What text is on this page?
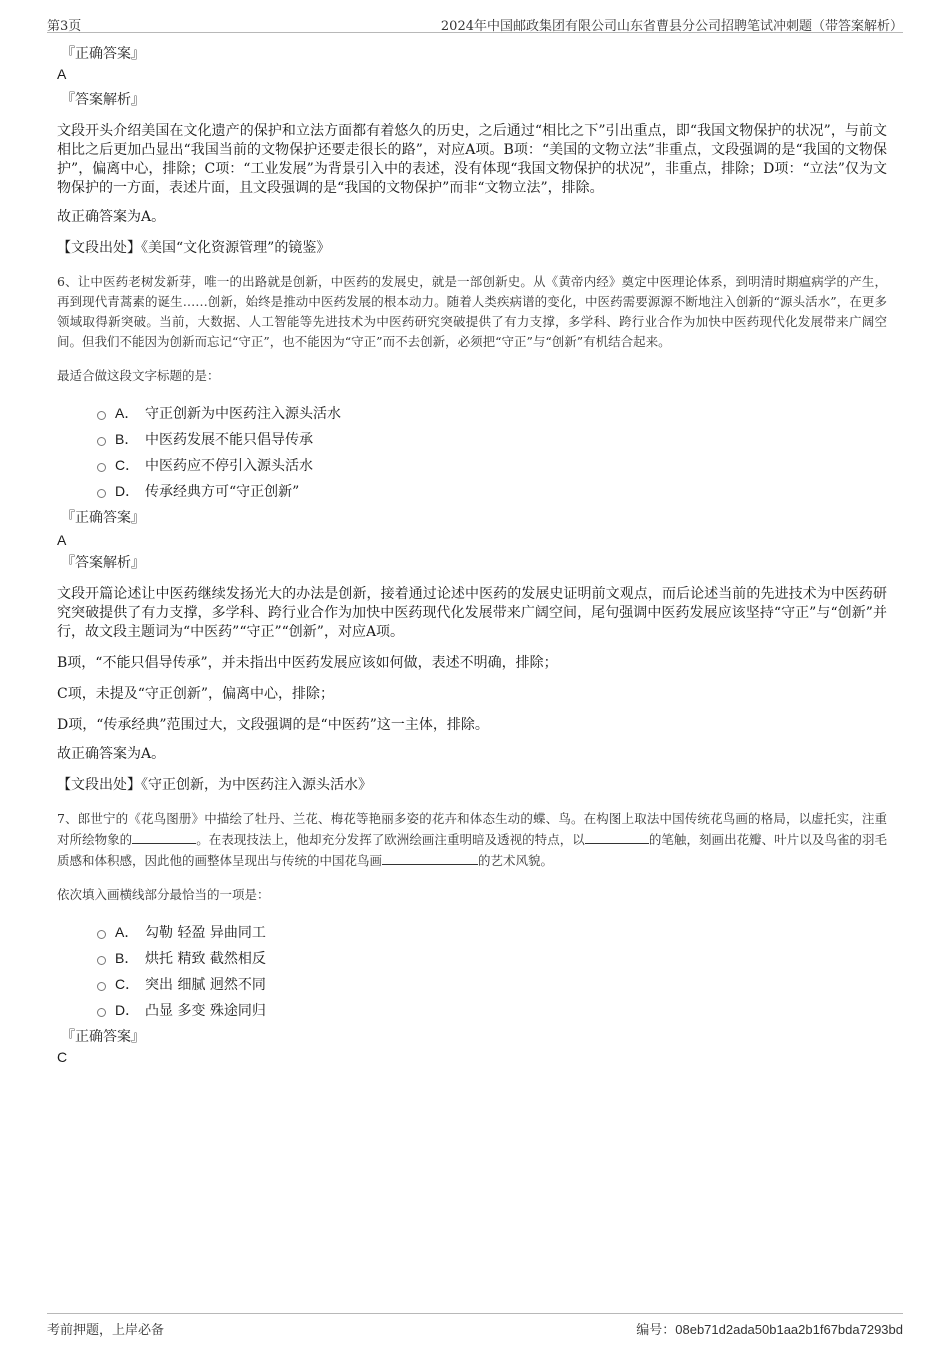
第3页	2024年中国邮政集团有限公司山东省曹县分公司招聘笔试冲刺题（带答案解析）
『正确答案』
A
『答案解析』

文段开头介绍美国在文化遗产的保护和立法方面都有着悠久的历史，之后通过“相比之下”引出重点，即“我国文物保护的状况”，与前文相比之后更加凸显出“我国当前的文物保护还要走很长的路”，对应A项。B项：“美国的文物立法”非重点，文段强调的是“我国的文物保护”，偏离中心，排除；C项：“工业发展”为背景引入中的表述，没有体现“我国文物保护的状况”，非重点，排除；D项：“立法”仅为文物保护的一方面，表述片面，且文段强调的是“我国的文物保护”而非“文物立法”，排除。

故正确答案为A。

【文段出处】《美国“文化资源管理”的镜鉴》

6、让中医药老树发新芽，唯一的出路就是创新，中医药的发展史，就是一部创新史。从《黄帝内经》奠定中医理论体系，到明清时期瘟病学的产生，再到现代青蒿素的诞生……创新，始终是推动中医药发展的根本动力。随着人类疾病谱的变化，中医药需要源源不断地注入创新的“源头活水”，在更多领域取得新突破。当前，大数据、人工智能等先进技术为中医药研究突破提供了有力支撑，多学科、跨行业合作为加快中医药现代化发展带来广阔空间。但我们不能因为创新而忘记“守正”，也不能因为“守正”而不去创新，必须把“守正”与“创新”有机结合起来。

最适合做这段文字标题的是：
A． 守正创新为中医药注入源头活水
B． 中医药发展不能只倡导传承
C． 中医药应不停引入源头活水
D． 传承经典方可“守正创新”
『正确答案』
A
『答案解析』

文段开篇论述让中医药继续发扬光大的办法是创新，接着通过论述中医药的发展史证明前文观点，而后论述当前的先进技术为中医药研究突破提供了有力支撑，多学科、跨行业合作为加快中医药现代化发展带来广阔空间，尾句强调中医药发展应该坚持“守正”与“创新”并行，故文段主题词为“中医药”“守正”“创新”，对应A项。

B项，“不能只倡导传承”，并未指出中医药发展应该如何做，表述不明确，排除；

C项，未提及“守正创新”，偏离中心，排除；

D项，“传承经典”范围过大，文段强调的是“中医药”这一主体，排除。

故正确答案为A。

【文段出处】《守正创新，为中医药注入源头活水》

7、郎世宁的《花鸟图册》中描绘了牡丹、兰花、梅花等艳丽多姿的花卉和体态生动的蝶、鸟。在构图上取法中国传统花鸟画的格局，以虚托实，注重对所绘物象的	。在表现技法上，他却充分发挥了欧洲绘画注重明暗及透视的特点，以	的笔触，刻画出花瓣、叶片以及鸟雀的羽毛质感和体积感，因此他的画整体呈现出与传统的中国花鸟画	的艺术风貌。

依次填入画横线部分最恰当的一项是：
A． 勾勒 轻盈 异曲同工
B． 烘托 精致 截然相反
C． 突出 细腻 迥然不同
D． 凸显 多变 殊途同归
『正确答案』
C
考前押题，上岸必备	编号：08eb71d2ada50b1aa2b1f67bda7293bd
